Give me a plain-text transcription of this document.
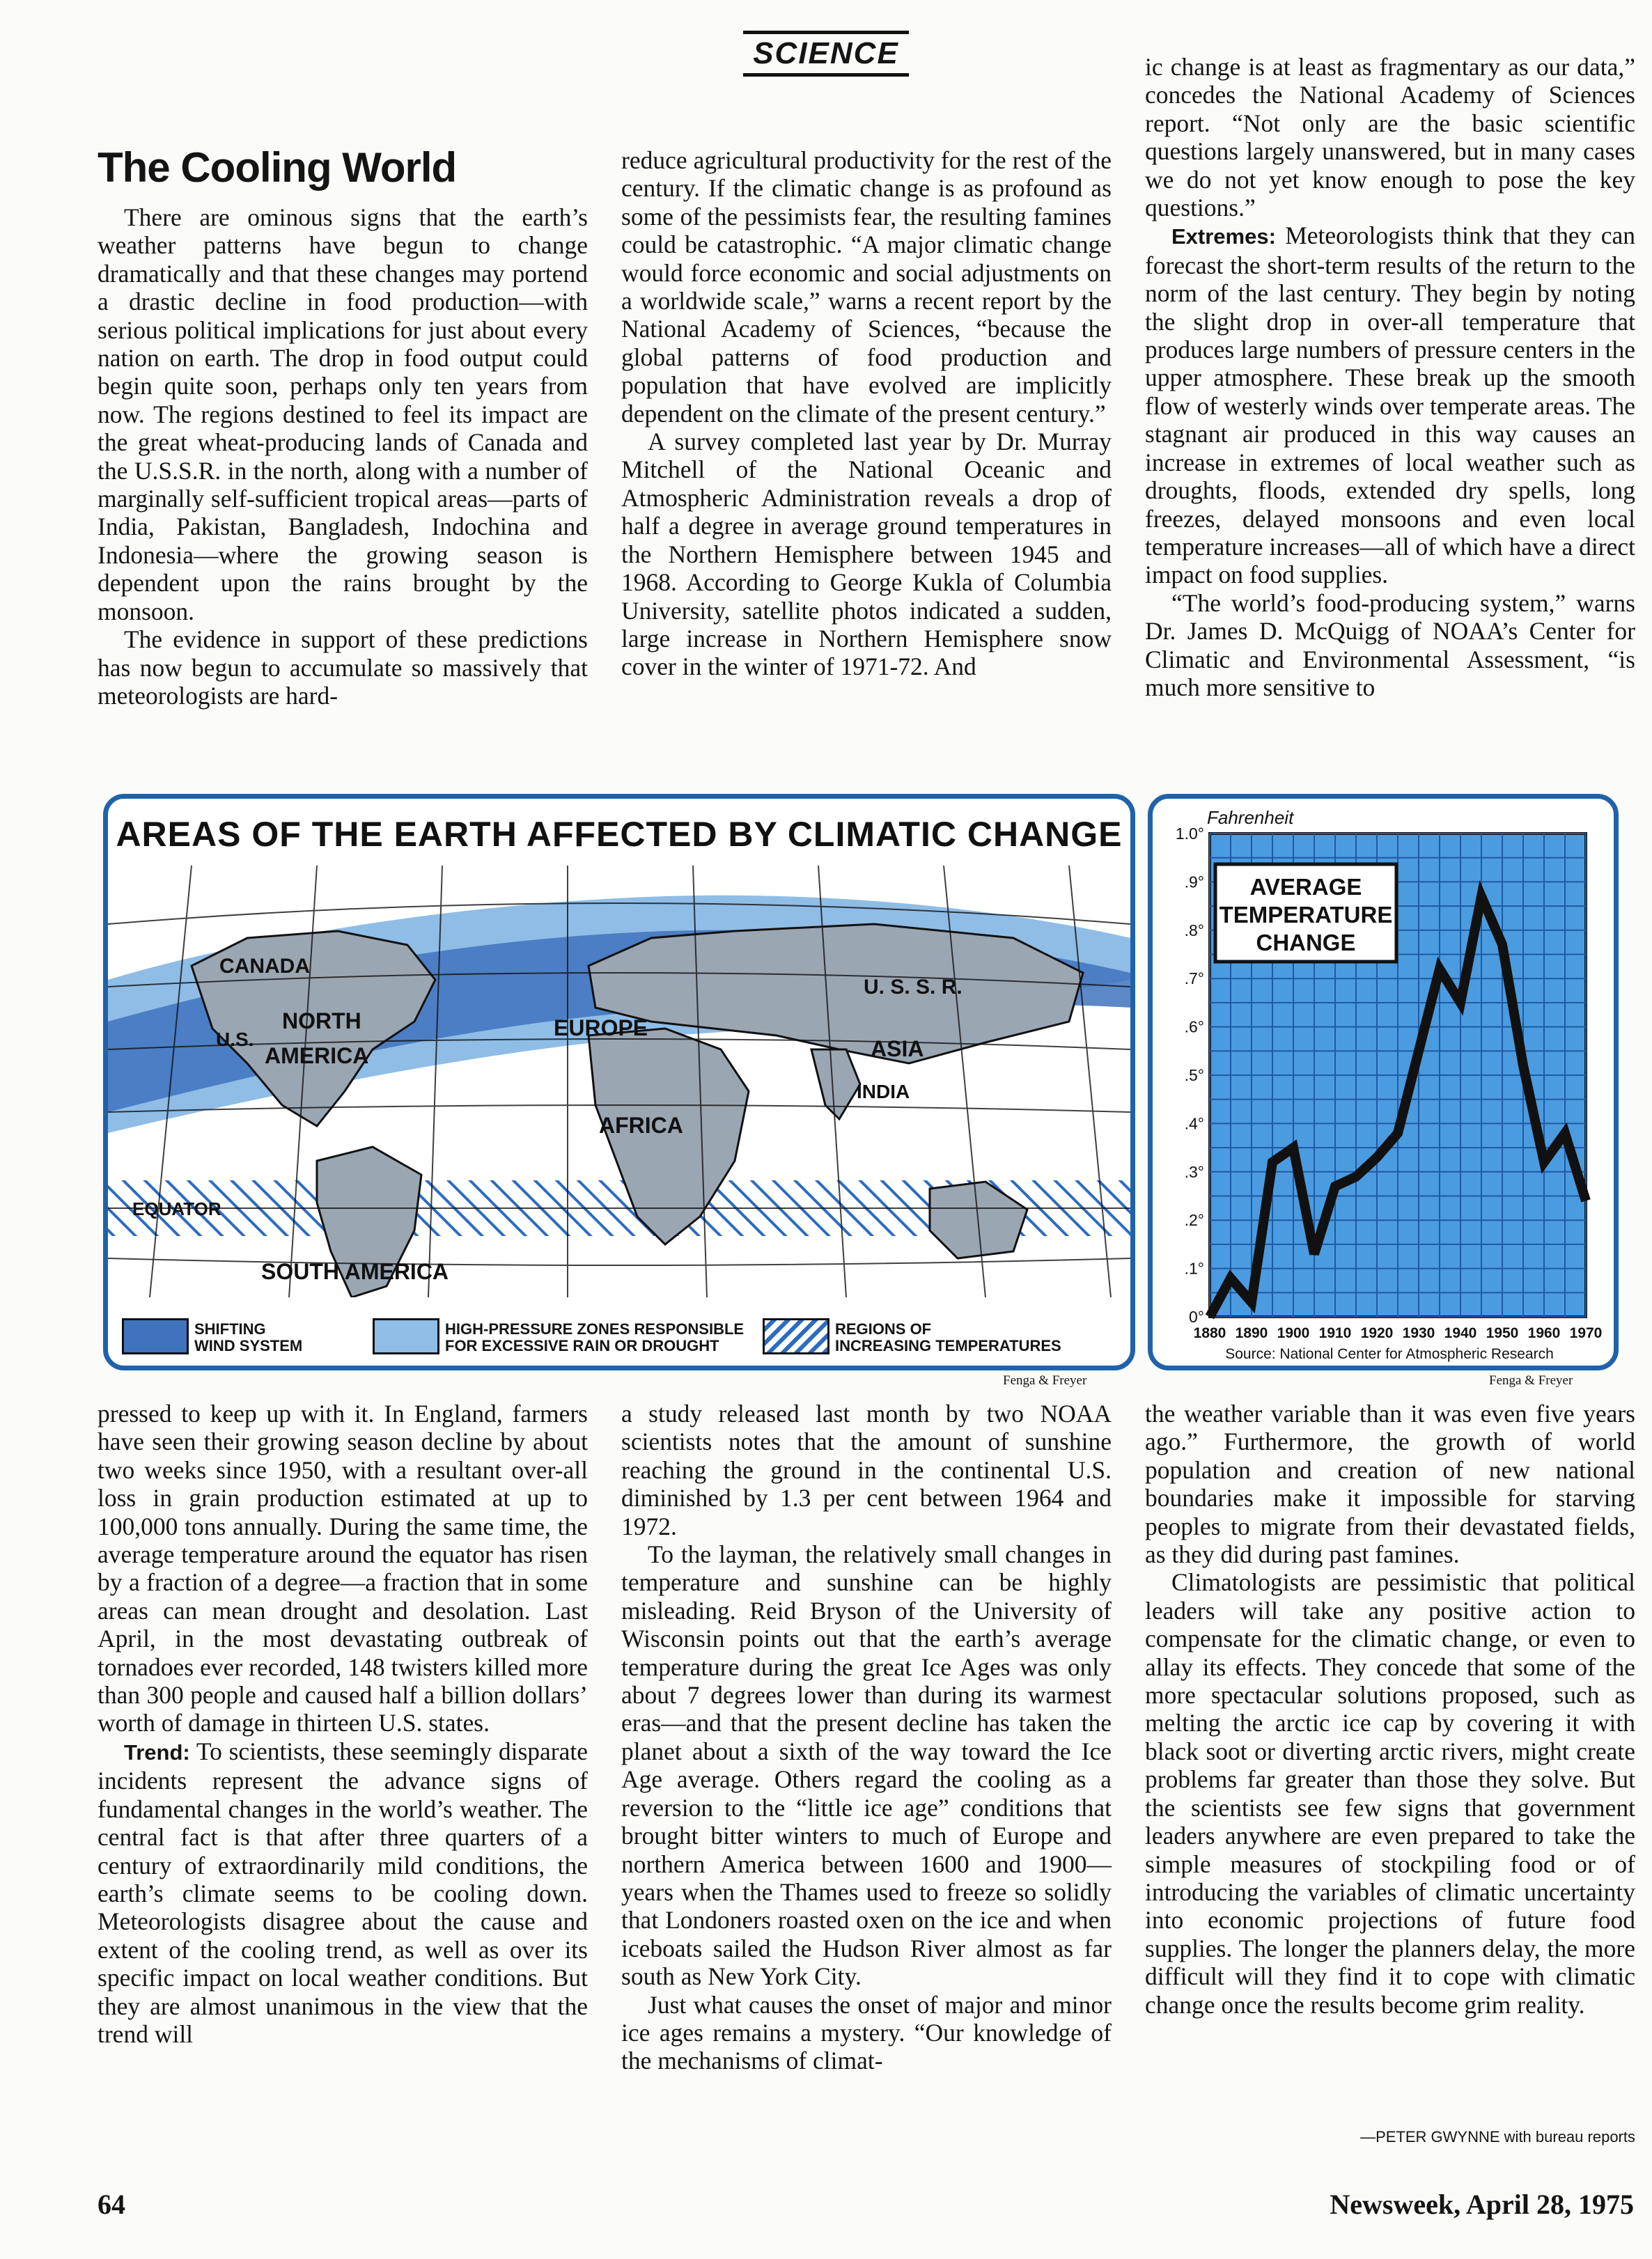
SCIENCE
The Cooling World

There are ominous signs that the earth’s weather patterns have begun to change dramatically and that these changes may portend a drastic decline in food production—with serious political implications for just about every nation on earth. The drop in food output could begin quite soon, perhaps only ten years from now. The regions destined to feel its impact are the great wheat-producing lands of Canada and the U.S.S.R. in the north, along with a number of marginally self-sufficient tropical areas—parts of India, Pakistan, Bangladesh, Indochina and Indonesia—where the growing season is dependent upon the rains brought by the monsoon.

The evidence in support of these predictions has now begun to accumulate so massively that meteorologists are hard-

reduce agricultural productivity for the rest of the century. If the climatic change is as profound as some of the pessimists fear, the resulting famines could be catastrophic. “A major climatic change would force economic and social adjustments on a worldwide scale,” warns a recent report by the National Academy of Sciences, “because the global patterns of food production and population that have evolved are implicitly dependent on the climate of the present century.”

A survey completed last year by Dr. Murray Mitchell of the National Oceanic and Atmospheric Administration reveals a drop of half a degree in average ground temperatures in the Northern Hemisphere between 1945 and 1968. According to George Kukla of Columbia University, satellite photos indicated a sudden, large increase in Northern Hemisphere snow cover in the winter of 1971-72. And

ic change is at least as fragmentary as our data,” concedes the National Academy of Sciences report. “Not only are the basic scientific questions largely unanswered, but in many cases we do not yet know enough to pose the key questions.”

Extremes: Meteorologists think that they can forecast the short-term results of the return to the norm of the last century. They begin by noting the slight drop in over-all temperature that produces large numbers of pressure centers in the upper atmosphere. These break up the smooth flow of westerly winds over temperate areas. The stagnant air produced in this way causes an increase in extremes of local weather such as droughts, floods, extended dry spells, long freezes, delayed monsoons and even local temperature increases—all of which have a direct impact on food supplies.

“The world’s food-producing system,” warns Dr. James D. McQuigg of NOAA’s Center for Climatic and Environmental Assessment, “is much more sensitive to

AREAS OF THE EARTH AFFECTED BY CLIMATIC CHANGE
CANADA
NORTH
AMERICA
U.S.	EUROPE
U. S. S. R.
ASIA
INDIA
AFRICA
EQUATOR
SOUTH AMERICA
SHIFTING
WIND SYSTEM
HIGH-PRESSURE ZONES RESPONSIBLE
FOR EXCESSIVE RAIN OR DROUGHT
REGIONS OF
INCREASING TEMPERATURES
Fenga & Freyer
0°
.1°
.2°
.3°
.4°
.5°
.6°
.7°
.8°
.9°
1.0°
1880 1890 1900 1910 1920 1930 1940 1950 1960 1970
Fahrenheit
AVERAGE
TEMPERATURE
CHANGE
Source: National Center for Atmospheric Research
Fenga & Freyer

pressed to keep up with it. In England, farmers have seen their growing season decline by about two weeks since 1950, with a resultant over-all loss in grain production estimated at up to 100,000 tons annually. During the same time, the average temperature around the equator has risen by a fraction of a degree—a fraction that in some areas can mean drought and desolation. Last April, in the most devastating outbreak of tornadoes ever recorded, 148 twisters killed more than 300 people and caused half a billion dollars’ worth of damage in thirteen U.S. states.

Trend: To scientists, these seemingly disparate incidents represent the advance signs of fundamental changes in the world’s weather. The central fact is that after three quarters of a century of extraordinarily mild conditions, the earth’s climate seems to be cooling down. Meteorologists disagree about the cause and extent of the cooling trend, as well as over its specific impact on local weather conditions. But they are almost unanimous in the view that the trend will

a study released last month by two NOAA scientists notes that the amount of sunshine reaching the ground in the continental U.S. diminished by 1.3 per cent between 1964 and 1972.

To the layman, the relatively small changes in temperature and sunshine can be highly misleading. Reid Bryson of the University of Wisconsin points out that the earth’s average temperature during the great Ice Ages was only about 7 degrees lower than during its warmest eras—and that the present decline has taken the planet about a sixth of the way toward the Ice Age average. Others regard the cooling as a reversion to the “little ice age” conditions that brought bitter winters to much of Europe and northern America between 1600 and 1900—years when the Thames used to freeze so solidly that Londoners roasted oxen on the ice and when iceboats sailed the Hudson River almost as far south as New York City.

Just what causes the onset of major and minor ice ages remains a mystery. “Our knowledge of the mechanisms of climat-

the weather variable than it was even five years ago.” Furthermore, the growth of world population and creation of new national boundaries make it impossible for starving peoples to migrate from their devastated fields, as they did during past famines.

Climatologists are pessimistic that political leaders will take any positive action to compensate for the climatic change, or even to allay its effects. They concede that some of the more spectacular solutions proposed, such as melting the arctic ice cap by covering it with black soot or diverting arctic rivers, might create problems far greater than those they solve. But the scientists see few signs that government leaders anywhere are even prepared to take the simple measures of stockpiling food or of introducing the variables of climatic uncertainty into economic projections of future food supplies. The longer the planners delay, the more difficult will they find it to cope with climatic change once the results become grim reality.

—PETER GWYNNE with bureau reports
64	Newsweek, April 28, 1975
